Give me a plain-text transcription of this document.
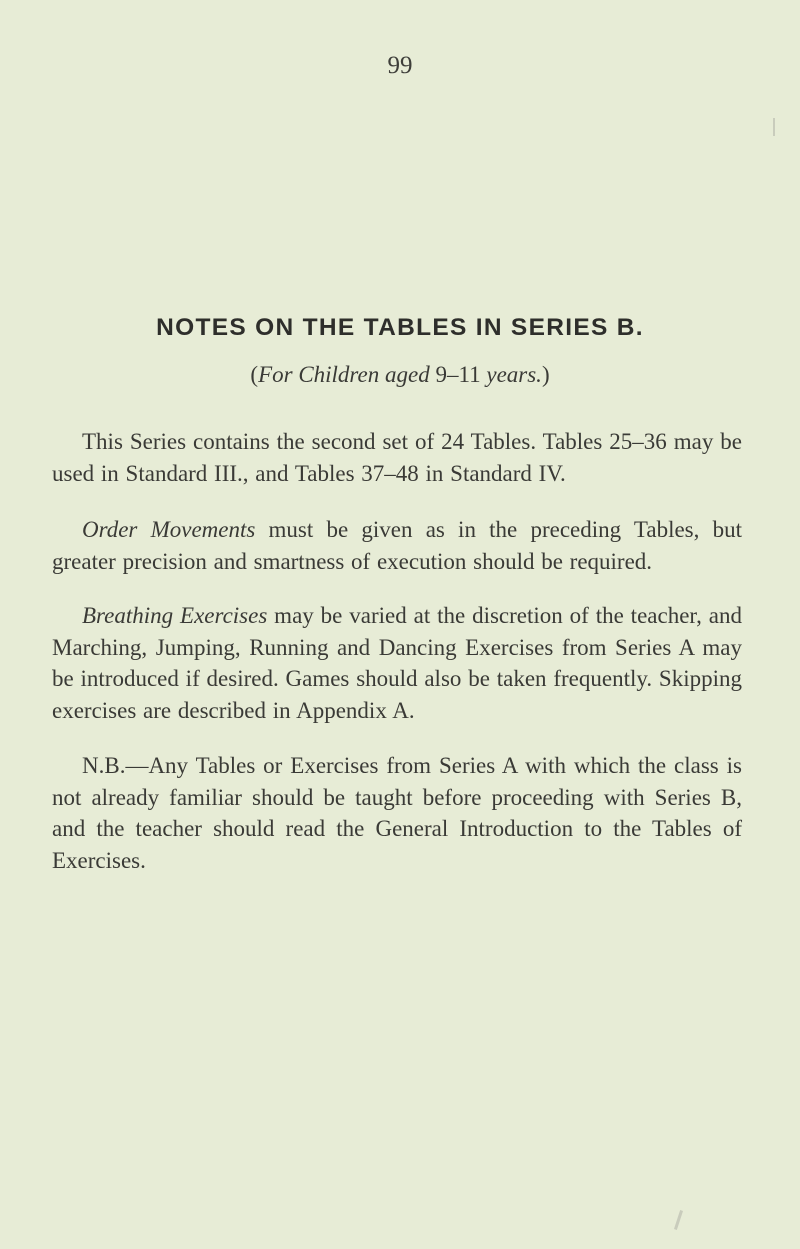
99
NOTES ON THE TABLES IN SERIES B.
(For Children aged 9–11 years.)
This Series contains the second set of 24 Tables. Tables 25–36 may be used in Standard III., and Tables 37–48 in Standard IV.
Order Movements must be given as in the preceding Tables, but greater precision and smartness of execution should be required.
Breathing Exercises may be varied at the discretion of the teacher, and Marching, Jumping, Running and Dancing Exercises from Series A may be introduced if desired. Games should also be taken frequently. Skipping exercises are described in Appendix A.
N.B.—Any Tables or Exercises from Series A with which the class is not already familiar should be taught before proceeding with Series B, and the teacher should read the General Introduction to the Tables of Exercises.
